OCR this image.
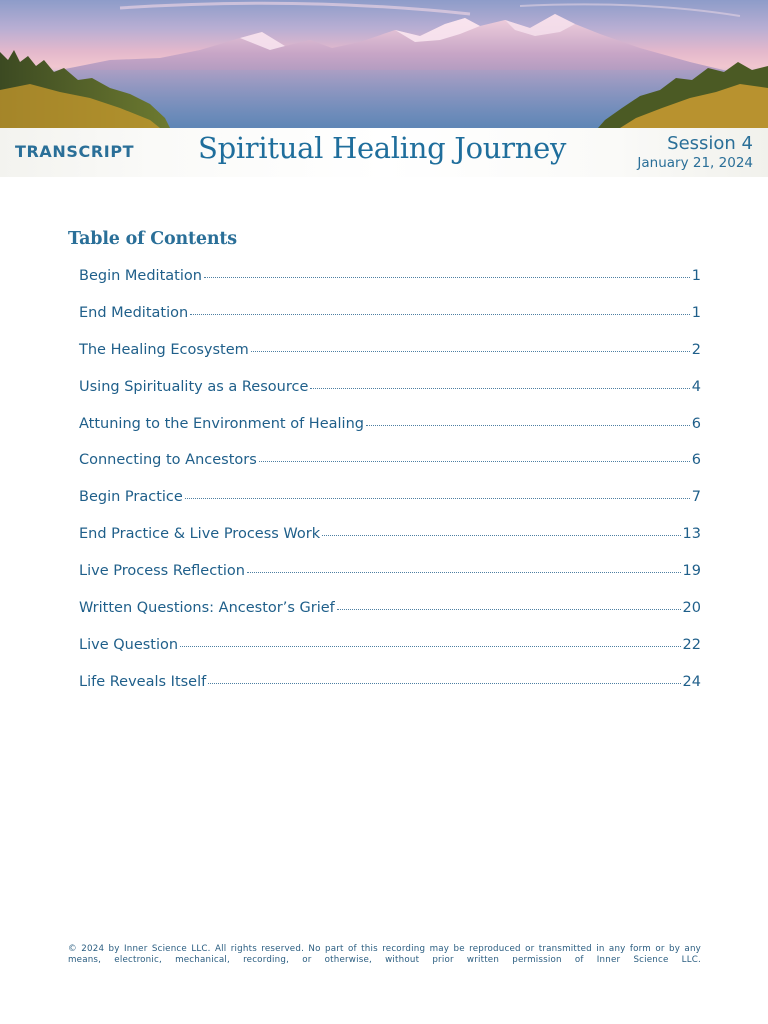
TRANSCRIPT Spiritual Healing Journey	Session 4
January 21, 2024
Table of Contents
Begin Meditation	1
End Meditation	1
The Healing Ecosystem	2
Using Spirituality as a Resource	4
Attuning to the Environment of Healing	6
Connecting to Ancestors	6
Begin Practice	7
End Practice & Live Process Work	13
Live Process Reflection	19
Written Questions: Ancestor’s Grief	20
Live Question	22
Life Reveals Itself	24
© 2024 by Inner Science LLC. All rights reserved. No part of this recording may be reproduced or transmitted in any form or by any means, electronic, mechanical, recording, or otherwise, without prior written permission of Inner Science LLC.
